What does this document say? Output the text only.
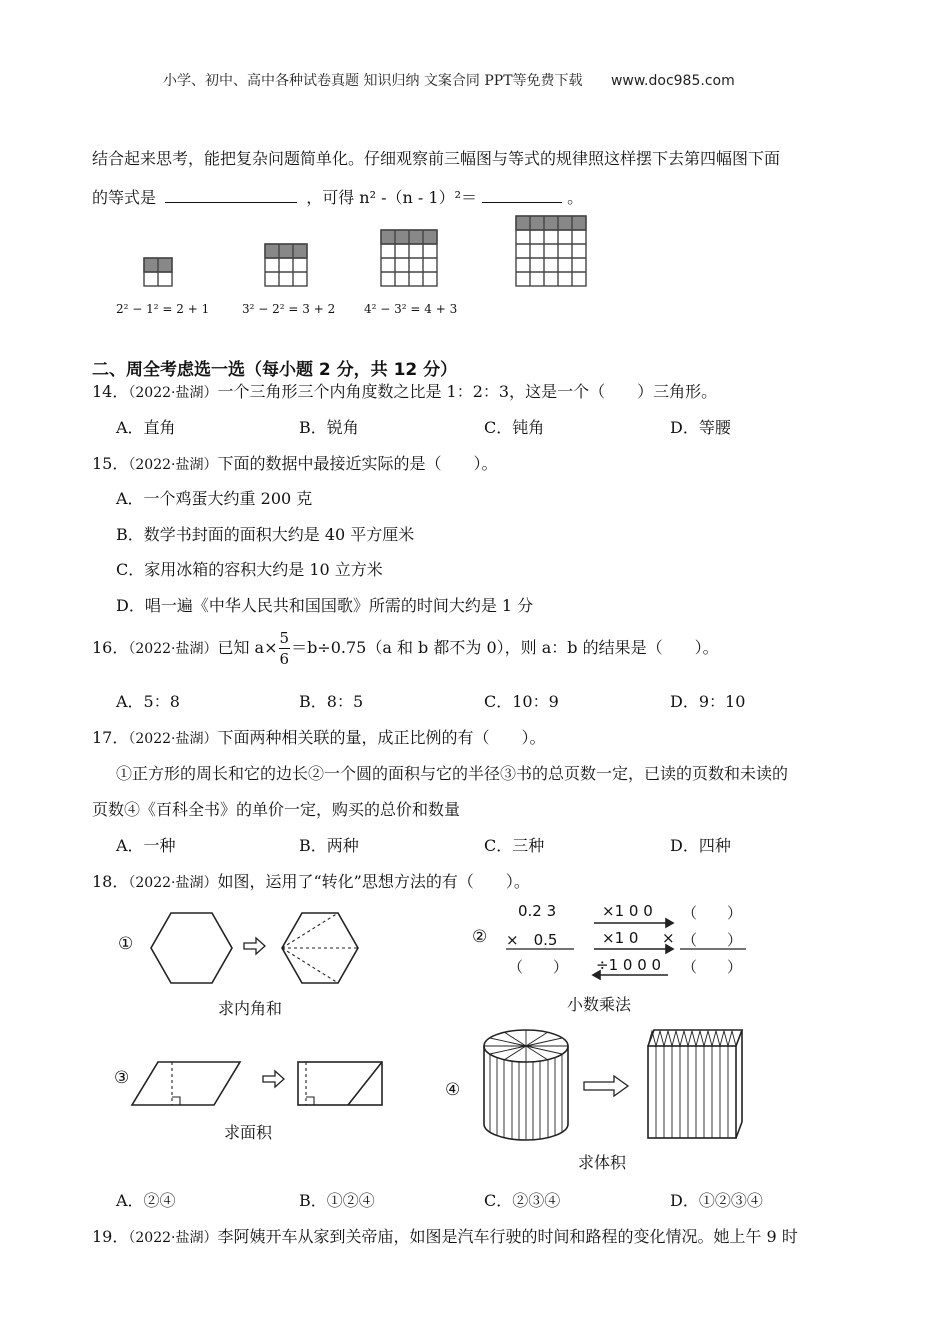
小学、初中、高中各种试卷真题 知识归纳 文案合同 PPT等免费下载 www.doc985.com
结合起来思考，能把复杂问题简单化。仔细观察前三幅图与等式的规律照这样摆下去第四幅图下面
的等式是	，可得 n² -（n - 1）²＝	。
2² − 1² = 2 + 1	3² − 2² = 3 + 2 4² − 3² = 4 + 3
二、周全考虑选一选（每小题 2 分，共 12 分）
14．（2022·盐湖）一个三角形三个内角度数之比是 1：2：3，这是一个（　　）三角形。
A．直角	B．锐角	C．钝角	D．等腰
15．（2022·盐湖）下面的数据中最接近实际的是（　　）。
A．一个鸡蛋大约重 200 克
B．数学书封面的面积大约是 40 平方厘米
C．家用冰箱的容积大约是 10 立方米
D．唱一遍《中华人民共和国国歌》所需的时间大约是 1 分
16．（2022·盐湖）已知 $a\times \frac{5}{6} =b\div 0.75(a$ 和 b 都不为 0），则 a：b 的结果是（　　）。
A．5：8	B．8：5	C．10：9	D．9：10
17．（2022·盐湖）下面两种相关联的量，成正比例的有（　　）。
①正方形的周长和它的边长②一个圆的面积与它的半径③书的总页数一定，已读的页数和未读的
页数④《百科全书》的单价一定，购买的总价和数量
A．一种	B．两种	C．三种	D．四种
18．（2022·盐湖）如图，运用了“转化”思想方法的有（　　）。
①	②
③
④
0.2 3
×　0.5
（　　）
×1 0 0
×1 0
÷1 0 0 0
×
（　　）
（　　）
（　　）
求内角和	小数乘法
求面积
求体积
A．②④	B．①②④	C．②③④	D．①②③④
19．（2022·盐湖）李阿姨开车从家到关帝庙，如图是汽车行驶的时间和路程的变化情况。她上午 9 时
